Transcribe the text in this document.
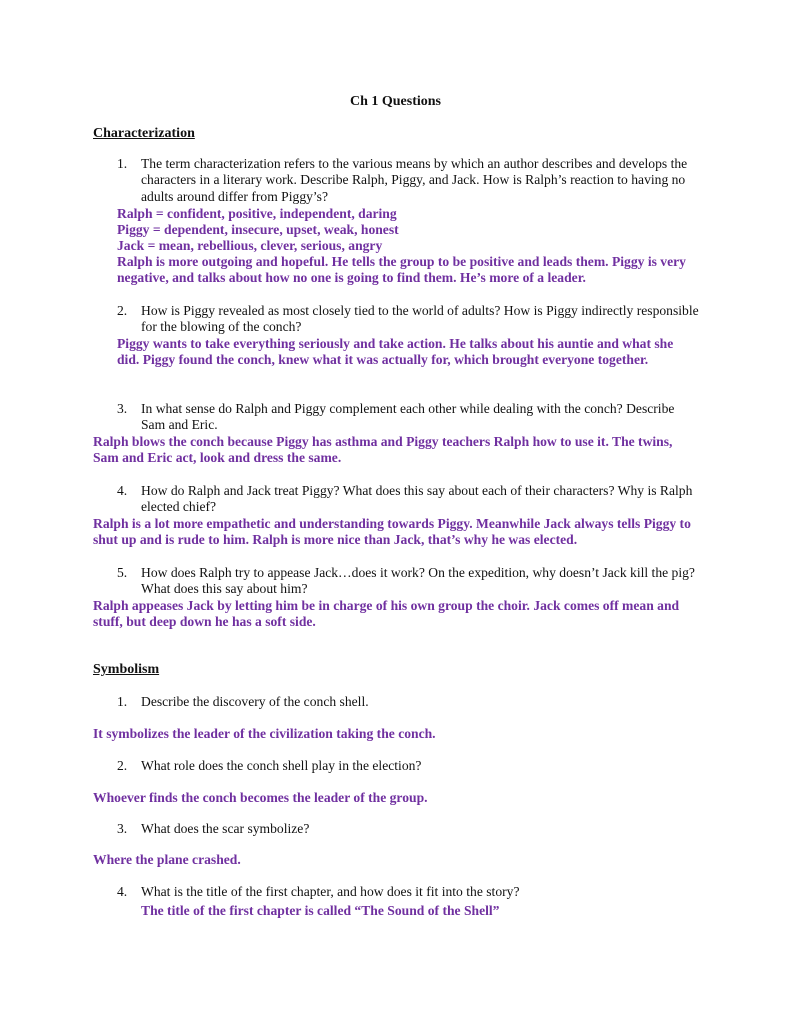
Ch 1 Questions
Characterization
1. The term characterization refers to the various means by which an author describes and develops the characters in a literary work. Describe Ralph, Piggy, and Jack. How is Ralph’s reaction to having no adults around differ from Piggy’s?
Ralph = confident, positive, independent, daring
Piggy = dependent, insecure, upset, weak, honest
Jack = mean, rebellious, clever, serious, angry
Ralph is more outgoing and hopeful. He tells the group to be positive and leads them. Piggy is very negative, and talks about how no one is going to find them. He’s more of a leader.
2. How is Piggy revealed as most closely tied to the world of adults? How is Piggy indirectly responsible for the blowing of the conch?
Piggy wants to take everything seriously and take action. He talks about his auntie and what she did. Piggy found the conch, knew what it was actually for, which brought everyone together.
3. In what sense do Ralph and Piggy complement each other while dealing with the conch? Describe Sam and Eric.
Ralph blows the conch because Piggy has asthma and Piggy teachers Ralph how to use it. The twins, Sam and Eric act, look and dress the same.
4. How do Ralph and Jack treat Piggy? What does this say about each of their characters? Why is Ralph elected chief?
Ralph is a lot more empathetic and understanding towards Piggy. Meanwhile Jack always tells Piggy to shut up and is rude to him. Ralph is more nice than Jack, that’s why he was elected.
5. How does Ralph try to appease Jack…does it work? On the expedition, why doesn’t Jack kill the pig? What does this say about him?
Ralph appeases Jack by letting him be in charge of his own group the choir. Jack comes off mean and stuff, but deep down he has a soft side.
Symbolism
1. Describe the discovery of the conch shell.
It symbolizes the leader of the civilization taking the conch.
2. What role does the conch shell play in the election?
Whoever finds the conch becomes the leader of the group.
3. What does the scar symbolize?
Where the plane crashed.
4. What is the title of the first chapter, and how does it fit into the story?
The title of the first chapter is called “The Sound of the Shell”
